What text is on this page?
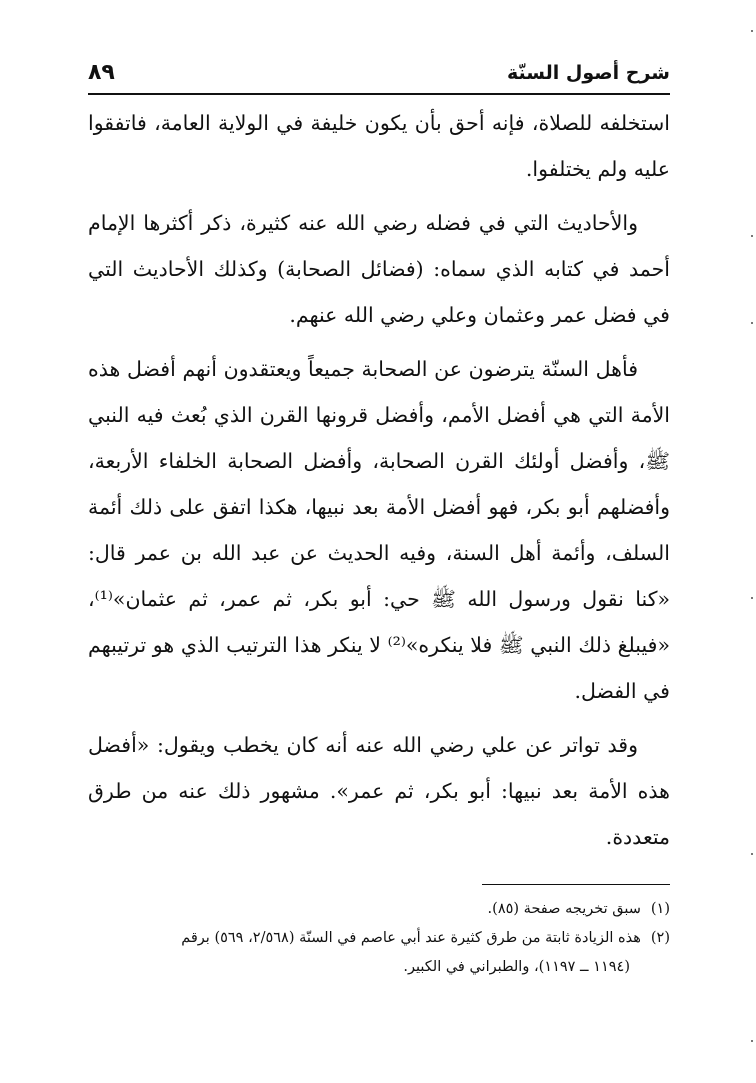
شرح أصول السنّة
٨٩

استخلفه للصلاة، فإنه أحق بأن يكون خليفة في الولاية العامة، فاتفقوا عليه ولم يختلفوا.

والأحاديث التي في فضله رضي الله عنه كثيرة، ذكر أكثرها الإمام أحمد في كتابه الذي سماه: (فضائل الصحابة) وكذلك الأحاديث التي في فضل عمر وعثمان وعلي رضي الله عنهم.

فأهل السنّة يترضون عن الصحابة جميعاً ويعتقدون أنهم أفضل هذه الأمة التي هي أفضل الأمم، وأفضل قرونها القرن الذي بُعث فيه النبي ﷺ، وأفضل أولئك القرن الصحابة، وأفضل الصحابة الخلفاء الأربعة، وأفضلهم أبو بكر، فهو أفضل الأمة بعد نبيها، هكذا اتفق على ذلك أئمة السلف، وأئمة أهل السنة، وفيه الحديث عن عبد الله بن عمر قال: «كنا نقول ورسول الله ﷺ حي: أبو بكر، ثم عمر، ثم عثمان»⁽¹⁾، «فيبلغ ذلك النبي ﷺ فلا ينكره»⁽²⁾ لا ينكر هذا الترتيب الذي هو ترتيبهم في الفضل.

وقد تواتر عن علي رضي الله عنه أنه كان يخطب ويقول: «أفضل هذه الأمة بعد نبيها: أبو بكر، ثم عمر». مشهور ذلك عنه من طرق متعددة.

(١)سبق تخريجه صفحة (٨٥).

(٢)هذه الزيادة ثابتة من طرق كثيرة عند أبي عاصم في السنّة (٢/٥٦٨، ٥٦٩) برقم

(١١٩٤ ــ ١١٩٧)، والطبراني في الكبير.
